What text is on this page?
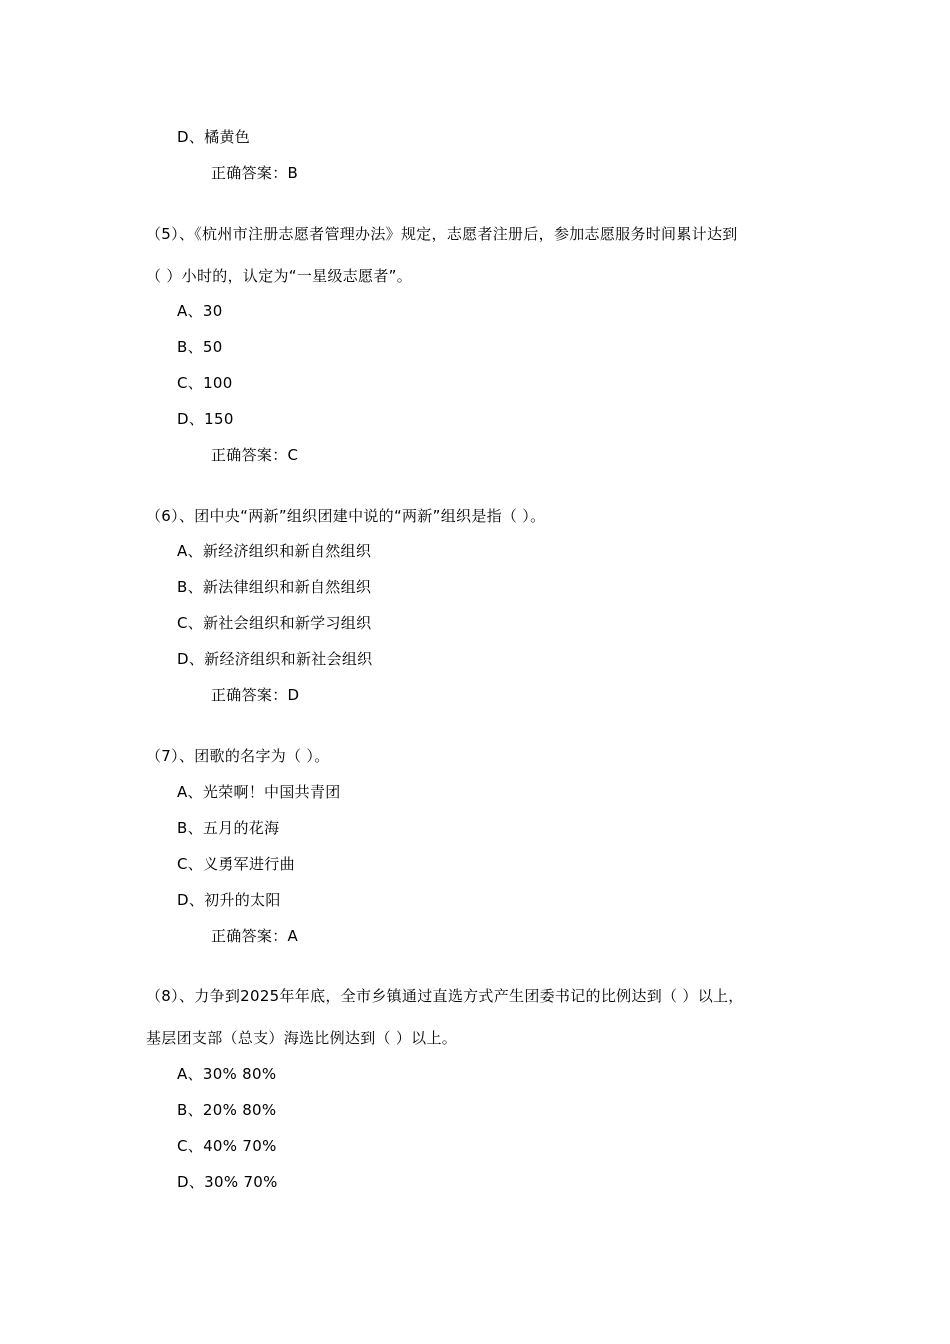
D、橘黄色
正确答案：B
（5）、《杭州市注册志愿者管理办法》规定，志愿者注册后，参加志愿服务时间累计达到
（ ）小时的，认定为“一星级志愿者”。
A、30
B、50
C、100
D、150
正确答案：C
（6）、团中央“两新”组织团建中说的“两新”组织是指（ ）。
A、新经济组织和新自然组织
B、新法律组织和新自然组织
C、新社会组织和新学习组织
D、新经济组织和新社会组织
正确答案：D
（7）、团歌的名字为（ ）。
A、光荣啊！中国共青团
B、五月的花海
C、义勇军进行曲
D、初升的太阳
正确答案：A
（8）、力争到2025年年底，全市乡镇通过直选方式产生团委书记的比例达到（ ）以上，
基层团支部（总支）海选比例达到（ ）以上。
A、30% 80%
B、20% 80%
C、40% 70%
D、30% 70%
